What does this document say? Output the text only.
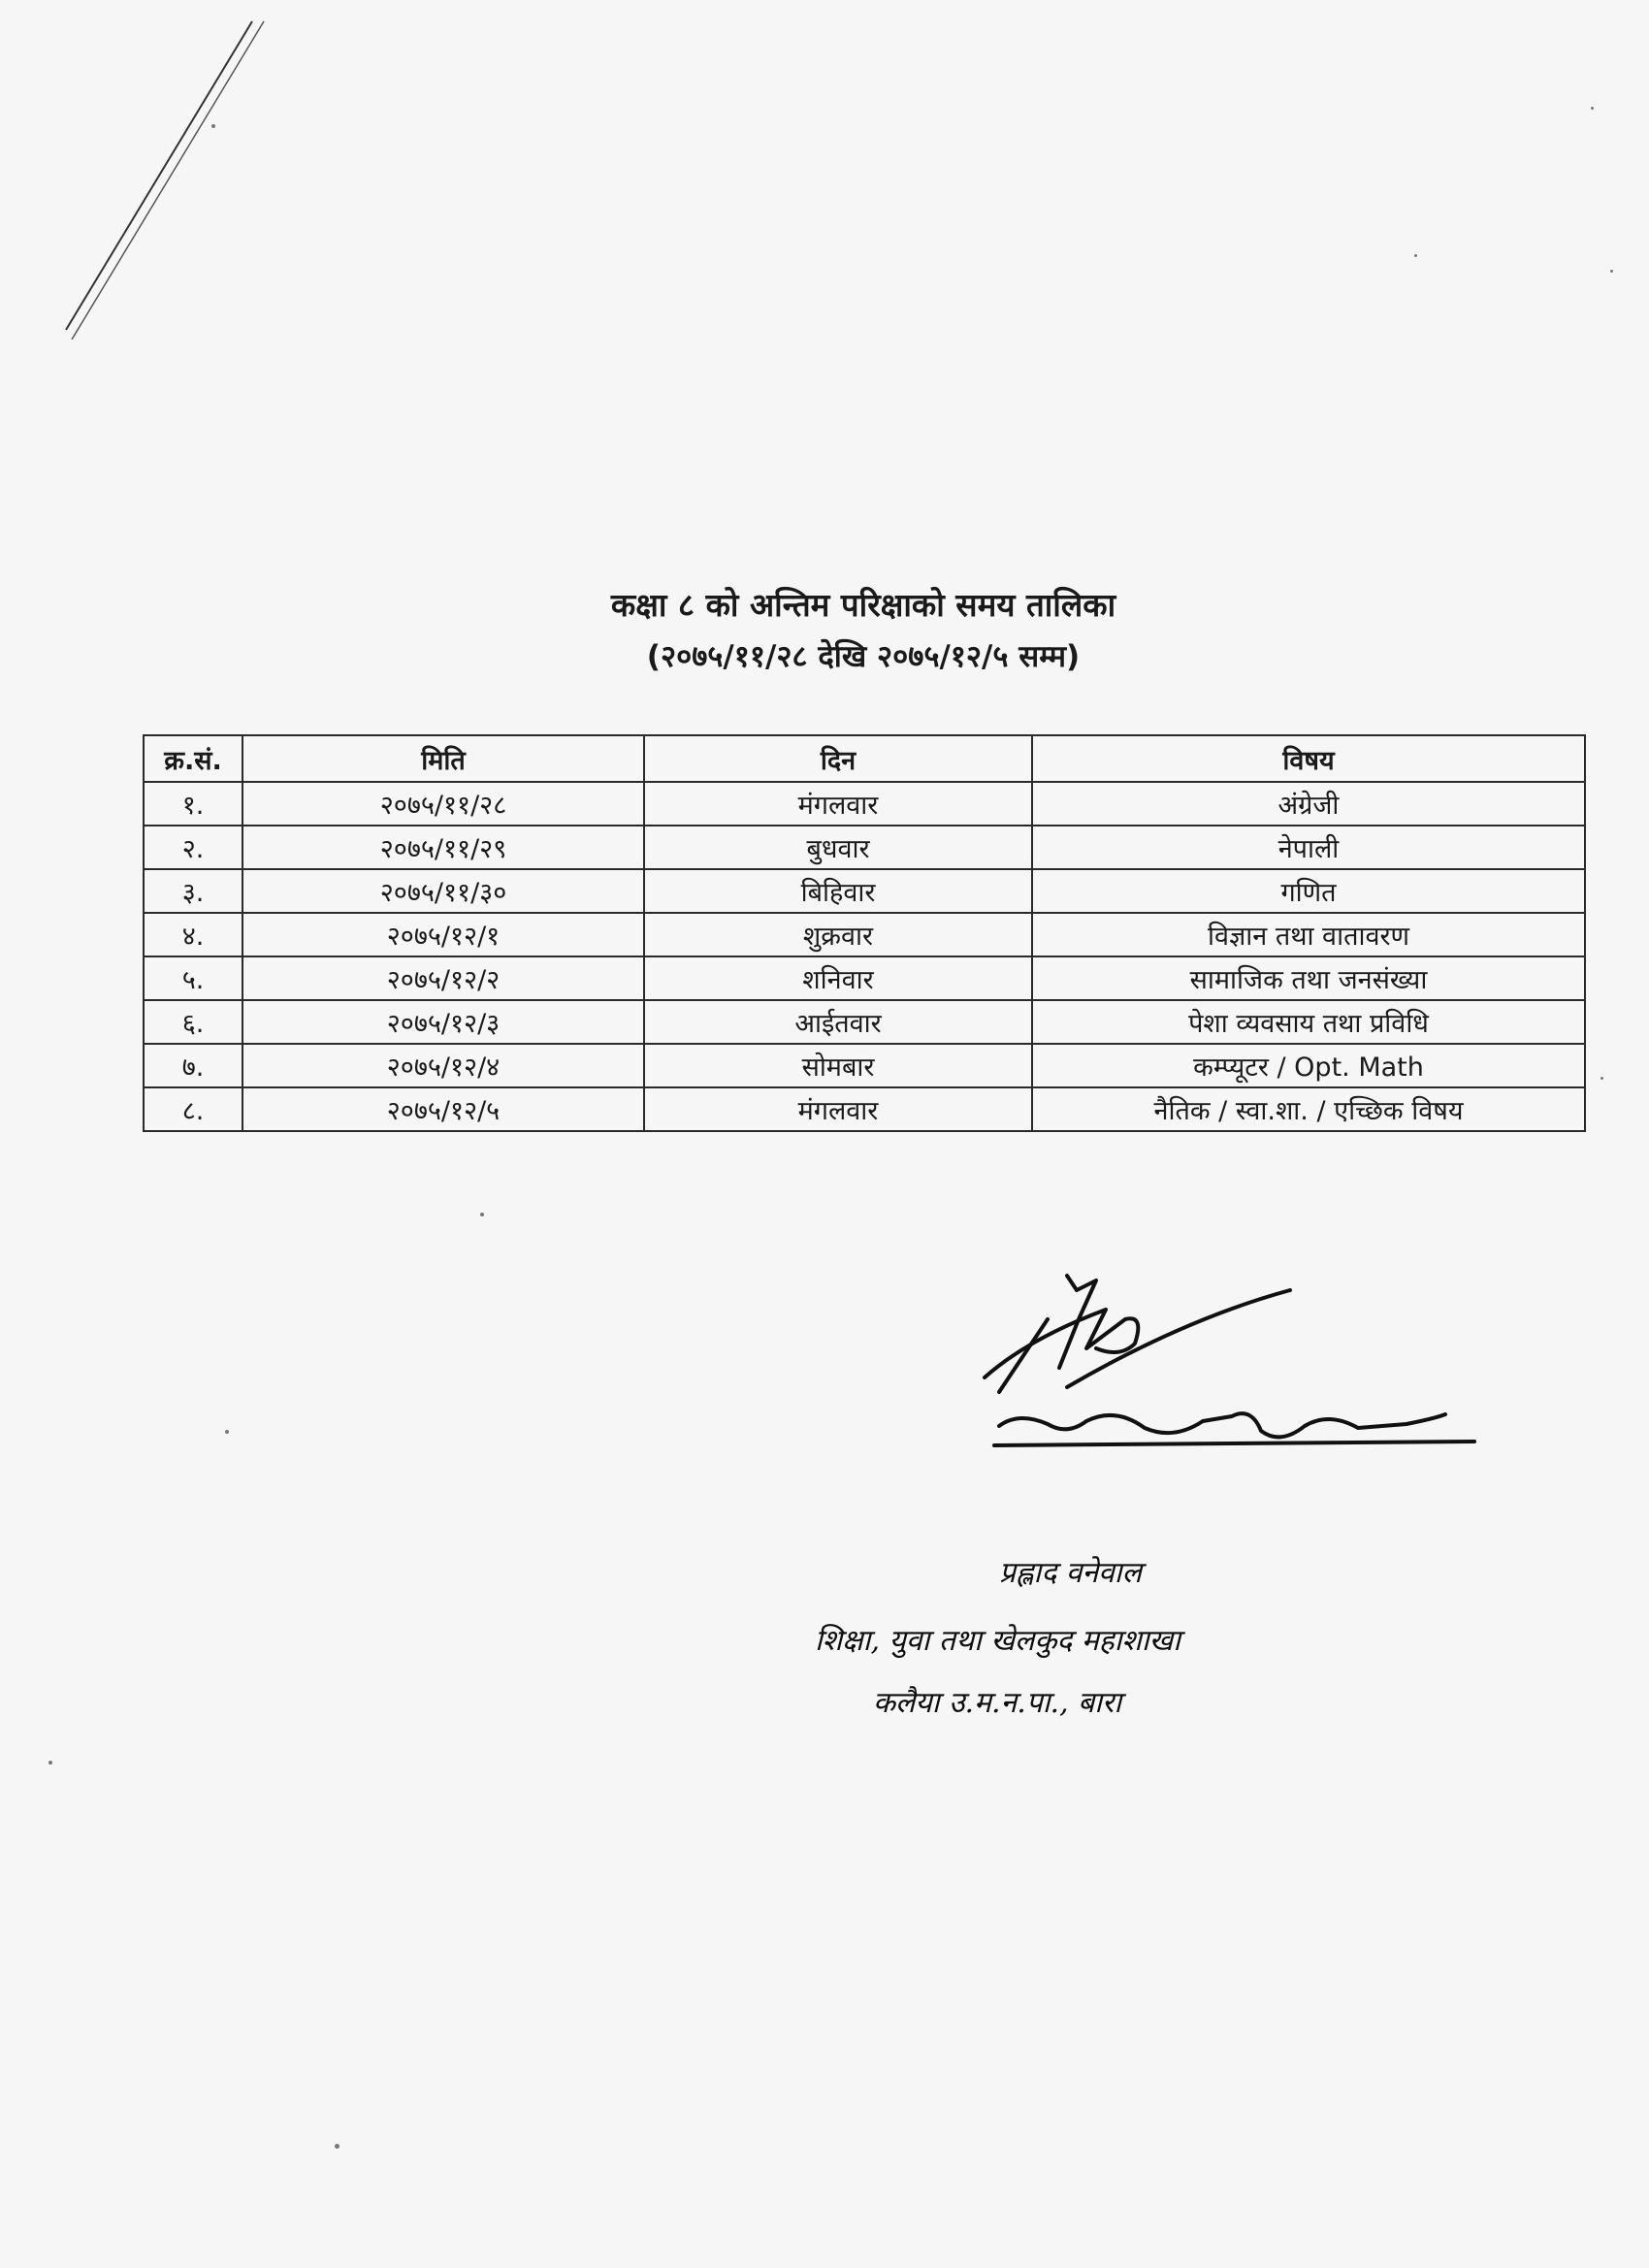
कक्षा ८ को अन्तिम परिक्षाको समय तालिका

(२०७५/११/२८ देखि २०७५/१२/५ सम्म)

क्र.सं.	मिति	दिन	विषय
१.	२०७५/११/२८	मंगलवार	अंग्रेजी
२.	२०७५/११/२९	बुधवार	नेपाली
३.	२०७५/११/३०	बिहिवार	गणित
४.	२०७५/१२/१	शुक्रवार	विज्ञान तथा वातावरण
५.	२०७५/१२/२	शनिवार	सामाजिक तथा जनसंख्या
६.	२०७५/१२/३	आईतवार	पेशा व्यवसाय तथा प्रविधि
७.	२०७५/१२/४	सोमबार	कम्प्यूटर / Opt. Math
८.	२०७५/१२/५	मंगलवार	नैतिक / स्वा.शा. / एच्छिक विषय
प्रह्लाद वनेवाल
शिक्षा, युवा तथा खेलकुद महाशाखा
कलैया उ.म.न.पा., बारा
